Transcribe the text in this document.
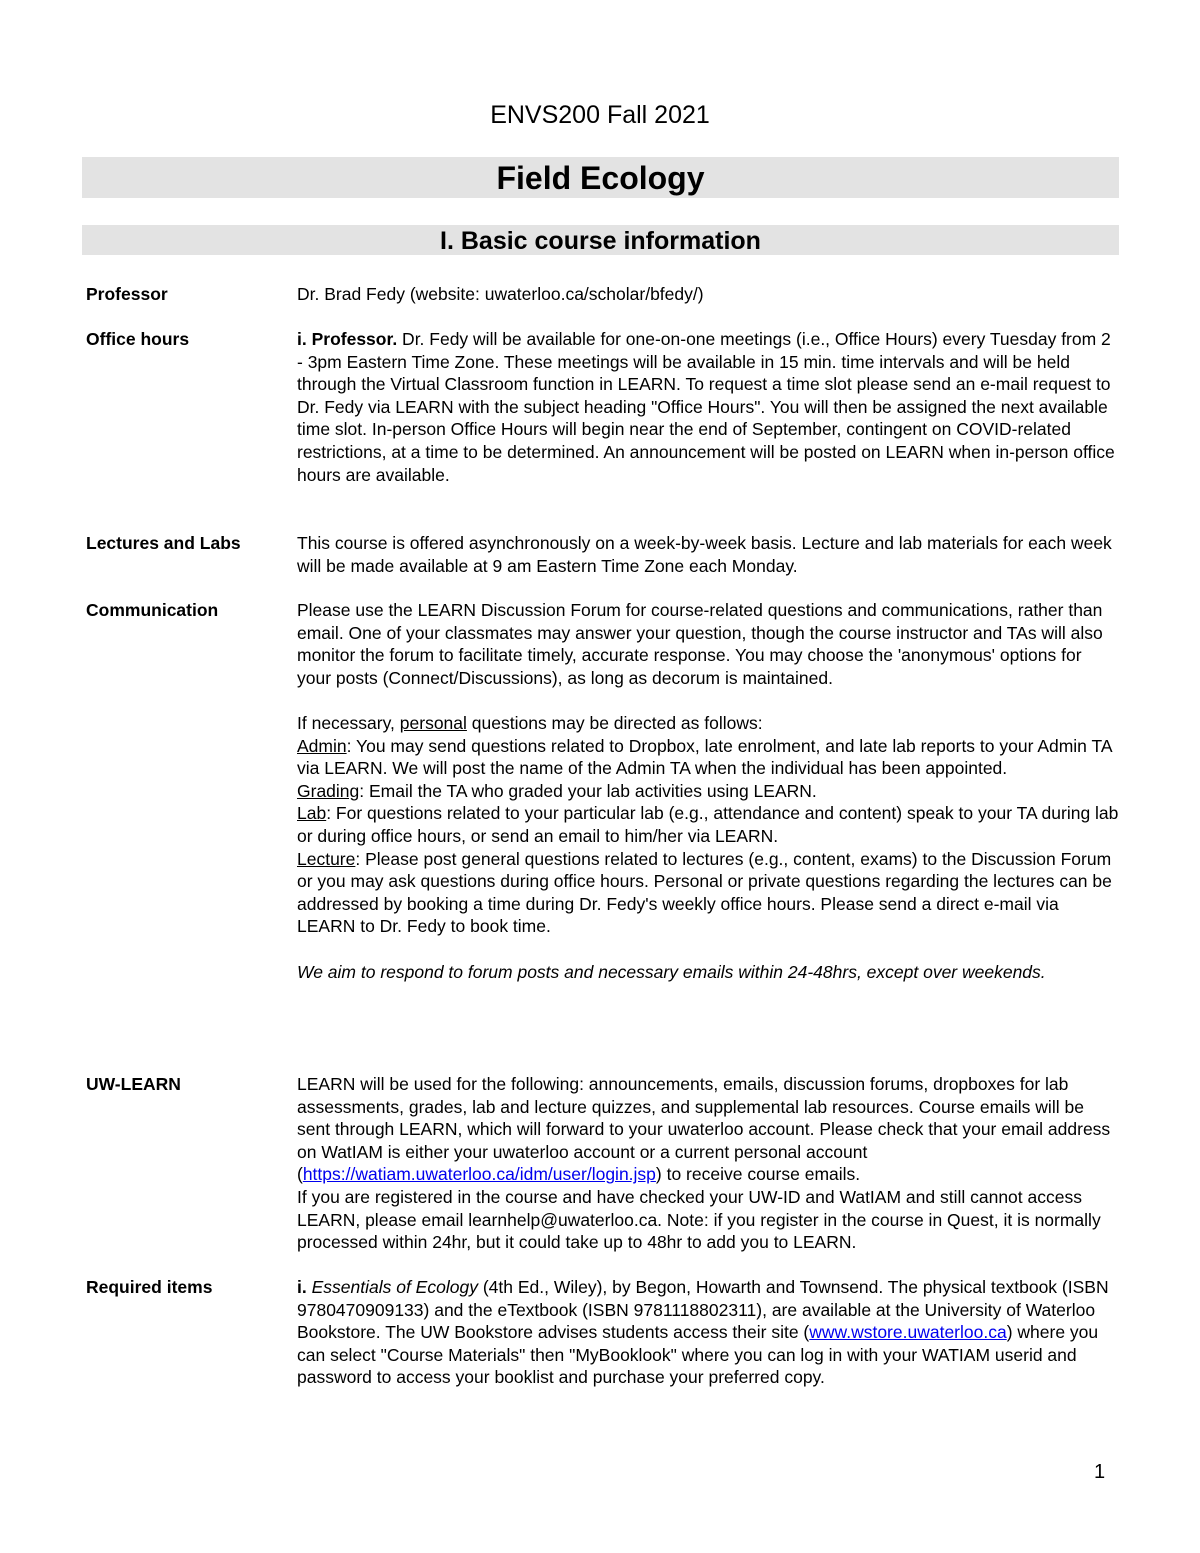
ENVS200 Fall 2021
Field Ecology
I. Basic course information
Professor	Dr. Brad Fedy (website: uwaterloo.ca/scholar/bfedy/)
Office hours	i. Professor. Dr. Fedy will be available for one-on-one meetings (i.e., Office Hours) every Tuesday from 2 - 3pm Eastern Time Zone. These meetings will be available in 15 min. time intervals and will be held through the Virtual Classroom function in LEARN. To request a time slot please send an e-mail request to Dr. Fedy via LEARN with the subject heading "Office Hours". You will then be assigned the next available time slot. In-person Office Hours will begin near the end of September, contingent on COVID-related restrictions, at a time to be determined. An announcement will be posted on LEARN when in-person office hours are available.

Lectures and Labs	This course is offered asynchronously on a week-by-week basis. Lecture and lab materials for each week will be made available at 9 am Eastern Time Zone each Monday.
Communication	Please use the LEARN Discussion Forum for course-related questions and communications, rather than email. One of your classmates may answer your question, though the course instructor and TAs will also monitor the forum to facilitate timely, accurate response. You may choose the 'anonymous' options for your posts (Connect/Discussions), as long as decorum is maintained.

If necessary, personal questions may be directed as follows:

Admin: You may send questions related to Dropbox, late enrolment, and late lab reports to your Admin TA via LEARN. We will post the name of the Admin TA when the individual has been appointed.

Grading: Email the TA who graded your lab activities using LEARN.

Lab: For questions related to your particular lab (e.g., attendance and content) speak to your TA during lab or during office hours, or send an email to him/her via LEARN.

Lecture: Please post general questions related to lectures (e.g., content, exams) to the Discussion Forum or you may ask questions during office hours. Personal or private questions regarding the lectures can be addressed by booking a time during Dr. Fedy's weekly office hours. Please send a direct e-mail via LEARN to Dr. Fedy to book time.

We aim to respond to forum posts and necessary emails within 24-48hrs, except over weekends.

UW-LEARN	LEARN will be used for the following: announcements, emails, discussion forums, dropboxes for lab assessments, grades, lab and lecture quizzes, and supplemental lab resources. Course emails will be sent through LEARN, which will forward to your uwaterloo account. Please check that your email address on WatIAM is either your uwaterloo account or a current personal account (https://watiam.uwaterloo.ca/idm/user/login.jsp) to receive course emails.

If you are registered in the course and have checked your UW-ID and WatIAM and still cannot access LEARN, please email learnhelp@uwaterloo.ca. Note: if you register in the course in Quest, it is normally processed within 24hr, but it could take up to 48hr to add you to LEARN.

Required items	i. Essentials of Ecology (4th Ed., Wiley), by Begon, Howarth and Townsend. The physical textbook (ISBN 9780470909133) and the eTextbook (ISBN 9781118802311), are available at the University of Waterloo Bookstore. The UW Bookstore advises students access their site (www.wstore.uwaterloo.ca) where you can select "Course Materials" then "MyBooklook" where you can log in with your WATIAM userid and password to access your booklist and purchase your preferred copy.

1
